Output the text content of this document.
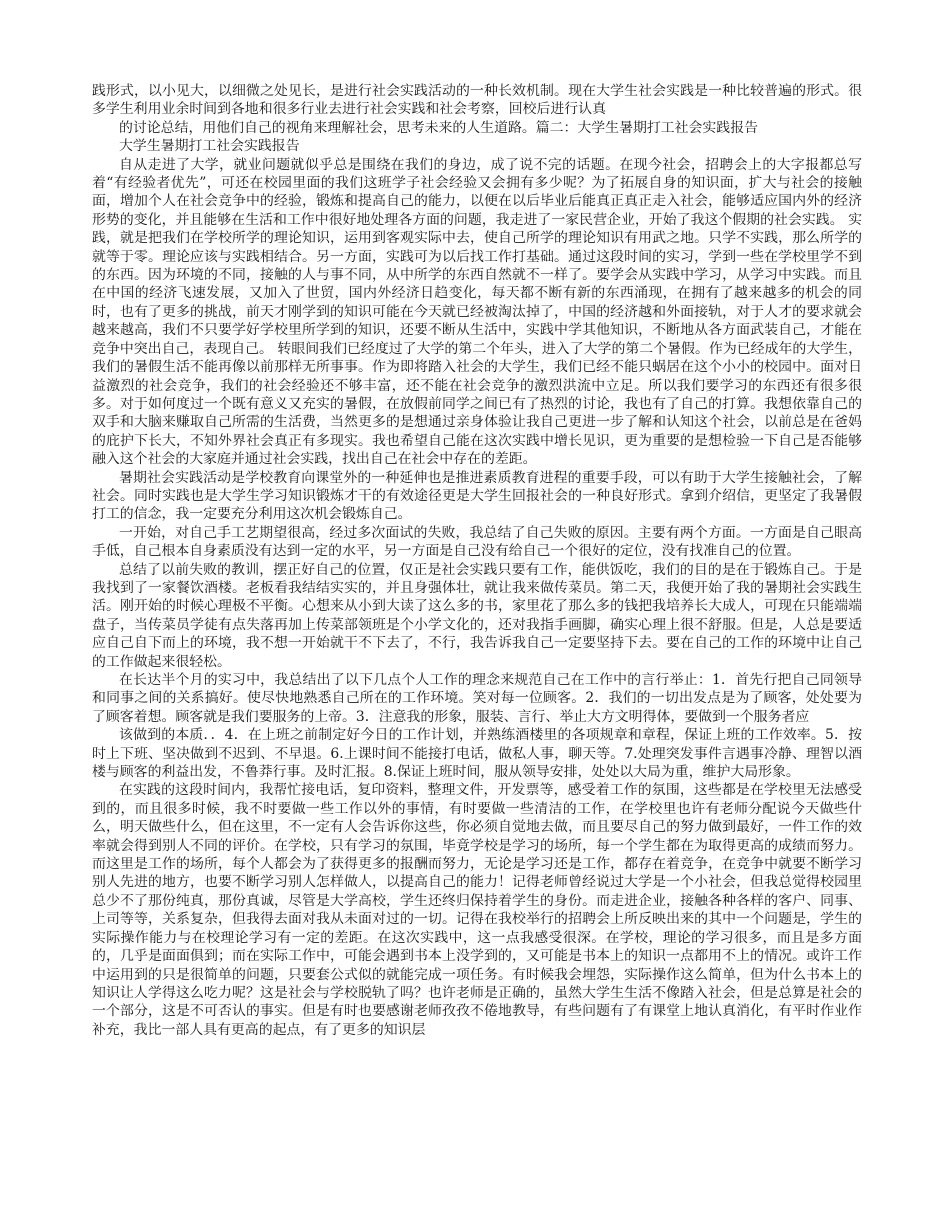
践形式，以小见大，以细微之处见长，是进行社会实践活动的一种长效机制。现在大学生社会实践是一种比较普遍的形式。很多学生利用业余时间到各地和很多行业去进行社会实践和社会考察，回校后进行认真

的讨论总结，用他们自己的视角来理解社会，思考未来的人生道路。篇二：大学生暑期打工社会实践报告

大学生暑期打工社会实践报告

自从走进了大学，就业问题就似乎总是围绕在我们的身边，成了说不完的话题。在现今社会，招聘会上的大字报都总写着“有经验者优先”，可还在校园里面的我们这班学子社会经验又会拥有多少呢？为了拓展自身的知识面，扩大与社会的接触面，增加个人在社会竞争中的经验，锻炼和提高自己的能力，以便在以后毕业后能真正真正走入社会，能够适应国内外的经济形势的变化，并且能够在生活和工作中很好地处理各方面的问题，我走进了一家民营企业，开始了我这个假期的社会实践。 实践，就是把我们在学校所学的理论知识，运用到客观实际中去，使自己所学的理论知识有用武之地。只学不实践，那么所学的就等于零。理论应该与实践相结合。另一方面，实践可为以后找工作打基础。通过这段时间的实习，学到一些在学校里学不到的东西。因为环境的不同，接触的人与事不同，从中所学的东西自然就不一样了。要学会从实践中学习，从学习中实践。而且在中国的经济飞速发展，又加入了世贸，国内外经济日趋变化，每天都不断有新的东西涌现，在拥有了越来越多的机会的同时，也有了更多的挑战，前天才刚学到的知识可能在今天就已经被淘汰掉了，中国的经济越和外面接轨，对于人才的要求就会越来越高，我们不只要学好学校里所学到的知识，还要不断从生活中，实践中学其他知识，不断地从各方面武装自己，才能在竞争中突出自己，表现自己。 转眼间我们已经度过了大学的第二个年头，进入了大学的第二个暑假。作为已经成年的大学生，我们的暑假生活不能再像以前那样无所事事。作为即将踏入社会的大学生，我们已经不能只蜗居在这个小小的校园中。面对日益激烈的社会竞争，我们的社会经验还不够丰富，还不能在社会竞争的激烈洪流中立足。所以我们要学习的东西还有很多很多。对于如何度过一个既有意义又充实的暑假，在放假前同学之间已有了热烈的讨论，我也有了自己的打算。我想依靠自己的双手和大脑来赚取自己所需的生活费，当然更多的是想通过亲身体验让我自己更进一步了解和认知这个社会，以前总是在爸妈的庇护下长大，不知外界社会真正有多现实。我也希望自己能在这次实践中增长见识，更为重要的是想检验一下自己是否能够融入这个社会的大家庭并通过社会实践，找出自己在社会中存在的差距。

暑期社会实践活动是学校教育向课堂外的一种延伸也是推进素质教育进程的重要手段，可以有助于大学生接触社会，了解社会。同时实践也是大学生学习知识锻炼才干的有效途径更是大学生回报社会的一种良好形式。拿到介绍信，更坚定了我暑假打工的信念，我一定要充分利用这次机会锻炼自己。

一开始，对自己手工艺期望很高，经过多次面试的失败，我总结了自己失败的原因。主要有两个方面。一方面是自己眼高手低，自己根本自身素质没有达到一定的水平，另一方面是自己没有给自己一个很好的定位，没有找准自己的位置。

总结了以前失败的教训，摆正好自己的位置，仅正是社会实践只要有工作，能供饭吃，我们的目的是在于锻炼自己。于是我找到了一家餐饮酒楼。老板看我结结实实的，并且身强体壮，就让我来做传菜员。第二天，我便开始了我的暑期社会实践生活。刚开始的时候心理极不平衡。心想来从小到大读了这么多的书，家里花了那么多的钱把我培养长大成人，可现在只能端端盘子，当传菜员学徒有点失落再加上传菜部领班是个小学文化的，还对我指手画脚，确实心理上很不舒服。但是，人总是要适应自己自下而上的环境，我不想一开始就干不下去了，不行，我告诉我自己一定要坚持下去。要在自己的工作的环境中让自己的工作做起来很轻松。

在长达半个月的实习中，我总结出了以下几点个人工作的理念来规范自己在工作中的言行举止：1．首先行把自己同领导和同事之间的关系搞好。使尽快地熟悉自己所在的工作环境。笑对每一位顾客。2．我们的一切出发点是为了顾客，处处要为了顾客着想。顾客就是我们要服务的上帝。3．注意我的形象，服装、言行、举止大方文明得体，要做到一个服务者应

该做到的本质．．4．在上班之前制定好今日的工作计划，并熟练酒楼里的各项规章和章程，保证上班的工作效率。5．按时上下班、坚决做到不迟到、不早退。6.上课时间不能接打电话，做私人事，聊天等。7.处理突发事件言遇事冷静、理智以酒楼与顾客的利益出发，不鲁莽行事。及时汇报。8.保证上班时间，服从领导安排，处处以大局为重，维护大局形象。

在实践的这段时间内，我帮忙接电话，复印资料，整理文件，开发票等，感受着工作的氛围，这些都是在学校里无法感受到的，而且很多时候，我不时要做一些工作以外的事情，有时要做一些清洁的工作，在学校里也许有老师分配说今天做些什么，明天做些什么，但在这里，不一定有人会告诉你这些，你必须自觉地去做，而且要尽自己的努力做到最好，一件工作的效率就会得到别人不同的评价。在学校，只有学习的氛围，毕竟学校是学习的场所，每一个学生都在为取得更高的成绩而努力。而这里是工作的场所，每个人都会为了获得更多的报酬而努力，无论是学习还是工作，都存在着竞争，在竞争中就要不断学习别人先进的地方，也要不断学习别人怎样做人，以提高自己的能力！记得老师曾经说过大学是一个小社会，但我总觉得校园里总少不了那份纯真，那份真诚，尽管是大学高校，学生还终归保持着学生的身份。而走进企业，接触各种各样的客户、同事、上司等等，关系复杂，但我得去面对我从未面对过的一切。记得在我校举行的招聘会上所反映出来的其中一个问题是，学生的实际操作能力与在校理论学习有一定的差距。在这次实践中，这一点我感受很深。在学校，理论的学习很多，而且是多方面的，几乎是面面俱到；而在实际工作中，可能会遇到书本上没学到的，又可能是书本上的知识一点都用不上的情况。或许工作中运用到的只是很简单的问题，只要套公式似的就能完成一项任务。有时候我会埋怨，实际操作这么简单，但为什么书本上的知识让人学得这么吃力呢？这是社会与学校脱轨了吗？也许老师是正确的，虽然大学生生活不像踏入社会，但是总算是社会的一个部分，这是不可否认的事实。但是有时也要感谢老师孜孜不倦地教导，有些问题有了有课堂上地认真消化，有平时作业作补充，我比一部人具有更高的起点，有了更多的知识层
